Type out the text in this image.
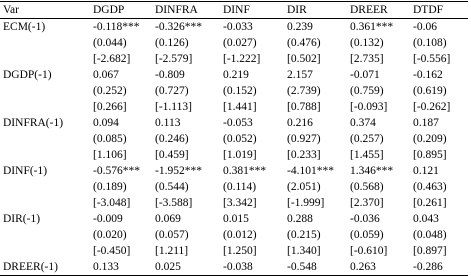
Var	DGDP	DINFRA	DINF	DIR	DREER	DTDF
ECM(-1)	-0.118***	-0.326***	-0.033	0.239	0.361***	-0.06
	(0.044)	(0.126)	(0.027)	(0.476)	(0.132)	(0.108)
	[-2.682]	[-2.579]	[-1.222]	[0.502]	[2.735]	[-0.556]
DGDP(-1)	0.067	-0.809	0.219	2.157	-0.071	-0.162
	(0.252)	(0.727)	(0.152)	(2.739)	(0.759)	(0.619)
	[0.266]	[-1.113]	[1.441]	[0.788]	[-0.093]	[-0.262]
DINFRA(-1)	0.094	0.113	-0.053	0.216	0.374	0.187
	(0.085)	(0.246)	(0.052)	(0.927)	(0.257)	(0.209)
	[1.106]	[0.459]	[1.019]	[0.233]	[1.455]	[0.895]
DINF(-1)	-0.576***	-1.952***	0.381***	-4.101***	1.346***	0.121
	(0.189)	(0.544)	(0.114)	(2.051)	(0.568)	(0.463)
	[-3.048]	[-3.588]	[3.342]	[-1.999]	[2.370]	[0.261]
DIR(-1)	-0.009	0.069	0.015	0.288	-0.036	0.043
	(0.020)	(0.057)	(0.012)	(0.215)	(0.059)	(0.048)
	[-0.450]	[1.211]	[1.250]	[1.340]	[-0.610]	[0.897]
DREER(-1)	0.133	0.025	-0.038	-0.548	0.263	-0.286
